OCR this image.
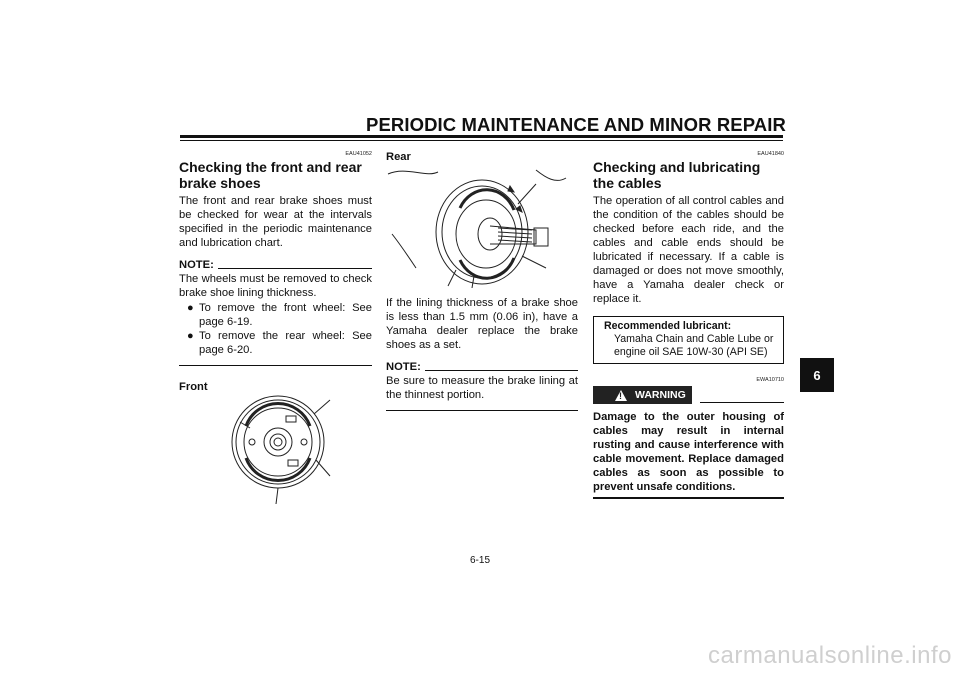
PERIODIC MAINTENANCE AND MINOR REPAIR
EAU41052
Checking the front and rear brake shoes

The front and rear brake shoes must be checked for wear at the intervals specified in the periodic maintenance and lubrication chart.

NOTE:

The wheels must be removed to check brake shoe lining thickness.

● To remove the front wheel: See page 6-19.
● To remove the rear wheel: See page 6-20.
Front
Rear

If the lining thickness of a brake shoe is less than 1.5 mm (0.06 in), have a Yamaha dealer replace the brake shoes as a set.

NOTE:

Be sure to measure the brake lining at the thinnest portion.

EAU41840
Checking and lubricating the cables

The operation of all control cables and the condition of the cables should be checked before each ride, and the cables and cable ends should be lubricated if necessary. If a cable is damaged or does not move smoothly, have a Yamaha dealer check or replace it.

Recommended lubricant:
Yamaha Chain and Cable Lube or
engine oil SAE 10W-30 (API SE)
EWA10710
! WARNING

Damage to the outer housing of cables may result in internal rusting and cause interference with cable movement. Replace damaged cables as soon as possible to prevent unsafe conditions.

6
6-15
carmanualsonline.info
